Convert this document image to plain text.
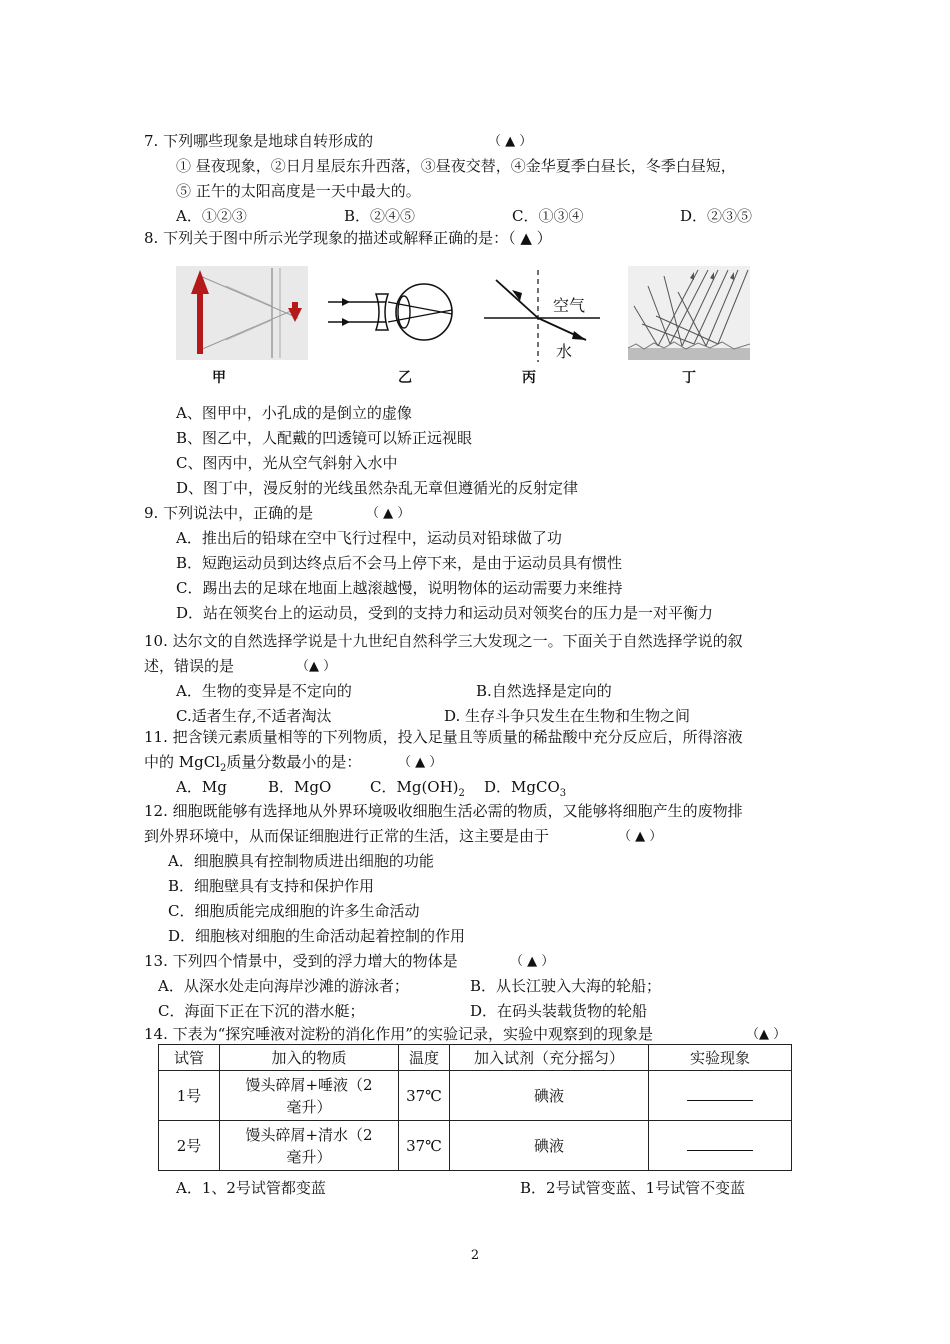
7. 下列哪些现象是地球自转形成的	（ ▲ ）
① 昼夜现象，②日月星辰东升西落，③昼夜交替，④金华夏季白昼长，冬季白昼短，
⑤ 正午的太阳高度是一天中最大的。
A．①②③	B．②④⑤	C．①③④	D．②③⑤
8. 下列关于图中所示光学现象的描述或解释正确的是：（ ▲ ）
甲	乙
空气
水
丙	丁
A、图甲中，小孔成的是倒立的虚像
B、图乙中，人配戴的凹透镜可以矫正远视眼
C、图丙中，光从空气斜射入水中
D、图丁中，漫反射的光线虽然杂乱无章但遵循光的反射定律
9. 下列说法中，正确的是	（ ▲ ）
A．推出后的铅球在空中飞行过程中，运动员对铅球做了功
B．短跑运动员到达终点后不会马上停下来，是由于运动员具有惯性
C．踢出去的足球在地面上越滚越慢，说明物体的运动需要力来维持
D．站在领奖台上的运动员，受到的支持力和运动员对领奖台的压力是一对平衡力
10. 达尔文的自然选择学说是十九世纪自然科学三大发现之一。下面关于自然选择学说的叙
述，错误的是	（▲ ）
A．生物的变异是不定向的	B.自然选择是定向的
C.适者生存,不适者淘汰	D. 生存斗争只发生在生物和生物之间
11. 把含镁元素质量相等的下列物质，投入足量且等质量的稀盐酸中充分反应后，所得溶液
中的 MgCl$_2$质量分数最小的是：	（ ▲ ）
A．Mg	B．MgO	C．$Mg(OH)_2$ D．MgCO$_3$
12. 细胞既能够有选择地从外界环境吸收细胞生活必需的物质，又能够将细胞产生的废物排
到外界环境中，从而保证细胞进行正常的生活，这主要是由于	（ ▲ ）
A．细胞膜具有控制物质进出细胞的功能
B．细胞壁具有支持和保护作用
C．细胞质能完成细胞的许多生命活动
D．细胞核对细胞的生命活动起着控制的作用
13. 下列四个情景中，受到的浮力增大的物体是	（ ▲ ）
A．从深水处走向海岸沙滩的游泳者；	B．从长江驶入大海的轮船；
C．海面下正在下沉的潜水艇；	D．在码头装载货物的轮船
14. 下表为“探究唾液对淀粉的消化作用”的实验记录，实验中观察到的现象是	（▲ ）
试管	加入的物质	温度	加入试剂（充分摇匀）	实验现象
1号	馒头碎屑+唾液（2毫升）	37℃	碘液	
2号	馒头碎屑+清水（2毫升）	37℃	碘液	
A．1、2号试管都变蓝	B．2号试管变蓝、1号试管不变蓝
2
